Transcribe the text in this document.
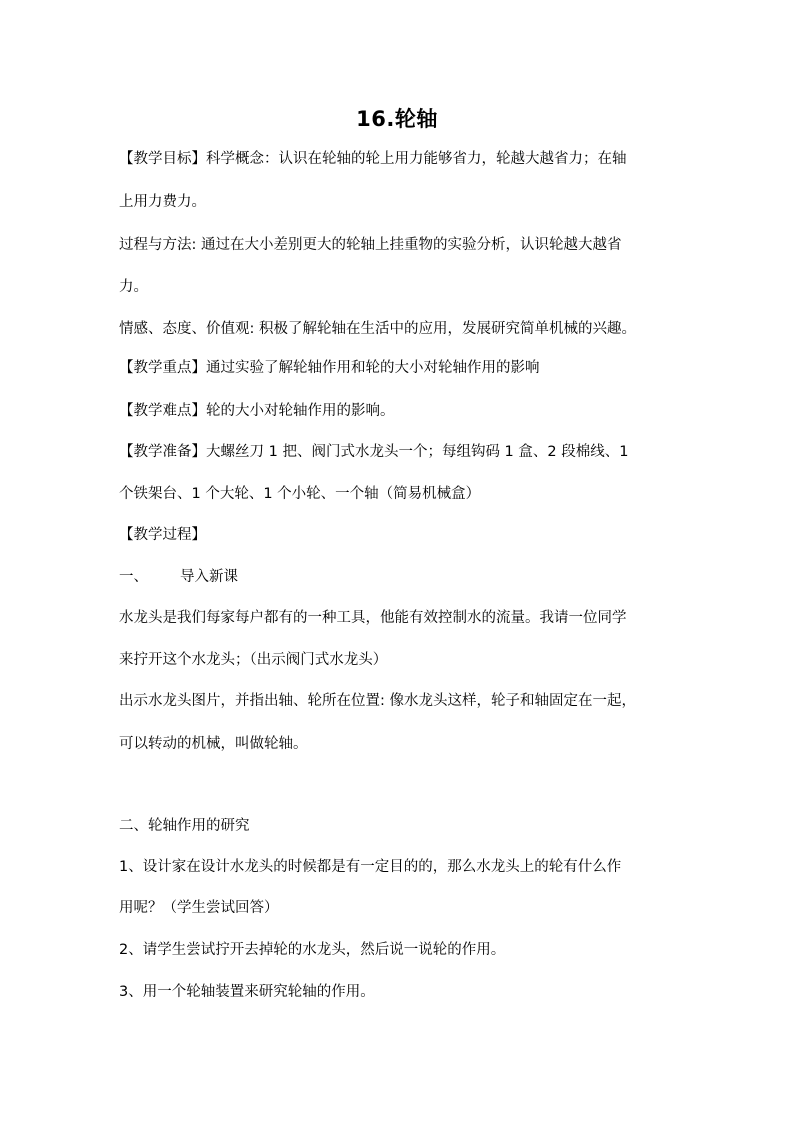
16.轮轴
【教学目标】科学概念：认识在轮轴的轮上用力能够省力，轮越大越省力；在轴
上用力费力。
过程与方法: 通过在大小差别更大的轮轴上挂重物的实验分析，认识轮越大越省
力。
情感、态度、价值观: 积极了解轮轴在生活中的应用，发展研究简单机械的兴趣。
【教学重点】通过实验了解轮轴作用和轮的大小对轮轴作用的影响
【教学难点】轮的大小对轮轴作用的影响。
【教学准备】大螺丝刀 1 把、阀门式水龙头一个；每组钩码 1 盒、2 段棉线、1
个铁架台、1 个大轮、1 个小轮、一个轴（简易机械盒）
【教学过程】
一、 导入新课
水龙头是我们每家每户都有的一种工具，他能有效控制水的流量。我请一位同学
来拧开这个水龙头；（出示阀门式水龙头）
出示水龙头图片，并指出轴、轮所在位置: 像水龙头这样，轮子和轴固定在一起，
可以转动的机械，叫做轮轴。
二、轮轴作用的研究
1、设计家在设计水龙头的时候都是有一定目的的，那么水龙头上的轮有什么作
用呢？（学生尝试回答）
2、请学生尝试拧开去掉轮的水龙头，然后说一说轮的作用。
3、用一个轮轴装置来研究轮轴的作用。
